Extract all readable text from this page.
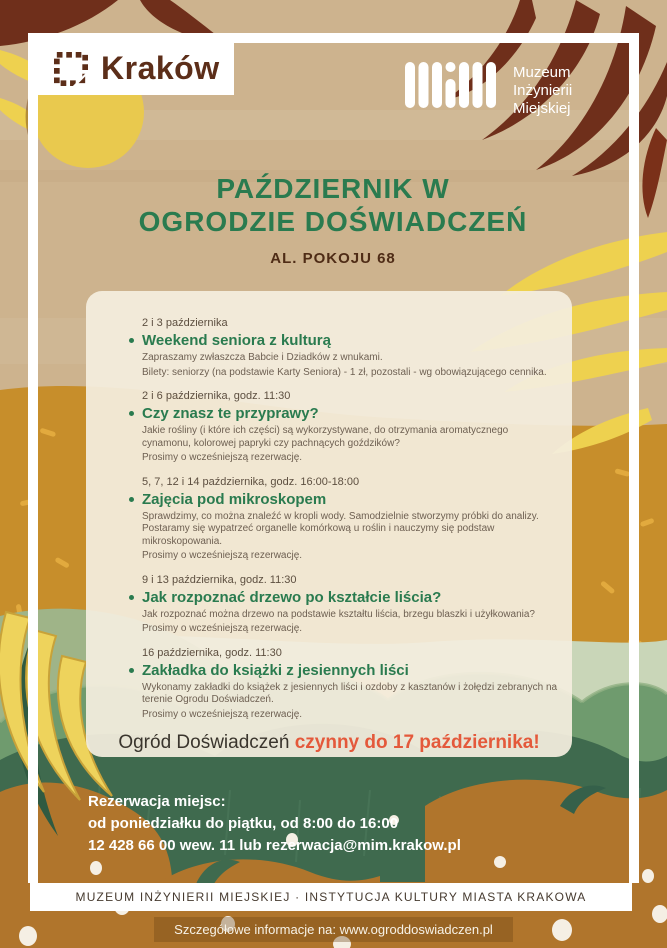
Kraków	Muzeum
Inżynierii
Miejskiej
PAŹDZIERNIK W
OGRODZIE DOŚWIADCZEŃ
AL. POKOJU 68
2 i 3 października
Weekend seniora z kulturą

Zapraszamy zwłaszcza Babcie i Dziadków z wnukami.

Bilety: seniorzy (na podstawie Karty Seniora) - 1 zł, pozostali - wg obowiązującego cennika.

2 i 6 października, godz. 11:30
Czy znasz te przyprawy?

Jakie rośliny (i które ich części) są wykorzystywane, do otrzymania aromatycznego cynamonu, kolorowej papryki czy pachnących goździków?

Prosimy o wcześniejszą rezerwację.

5, 7, 12 i 14 października, godz. 16:00-18:00
Zajęcia pod mikroskopem

Sprawdzimy, co można znaleźć w kropli wody. Samodzielnie stworzymy próbki do analizy. Postaramy się wypatrzeć organelle komórkową u roślin i nauczymy się podstaw mikroskopowania.

Prosimy o wcześniejszą rezerwację.

9 i 13 października, godz. 11:30
Jak rozpoznać drzewo po kształcie liścia?

Jak rozpoznać można drzewo na podstawie kształtu liścia, brzegu blaszki i użyłkowania?

Prosimy o wcześniejszą rezerwację.

16 października, godz. 11:30
Zakładka do książki z jesiennych liści

Wykonamy zakładki do książek z jesiennych liści i ozdoby z kasztanów i żołędzi zebranych na terenie Ogrodu Doświadczeń.

Prosimy o wcześniejszą rezerwację.

Ogród Doświadczeń czynny do 17 października!
Rezerwacja miejsc:
od poniedziałku do piątku, od 8:00 do 16:00
12 428 66 00 wew. 11 lub rezerwacja@mim.krakow.pl
MUZEUM INŻYNIERII MIEJSKIEJ · INSTYTUCJA KULTURY MIASTA KRAKOWA
Szczegółowe informacje na: www.ogroddoswiadczen.pl
